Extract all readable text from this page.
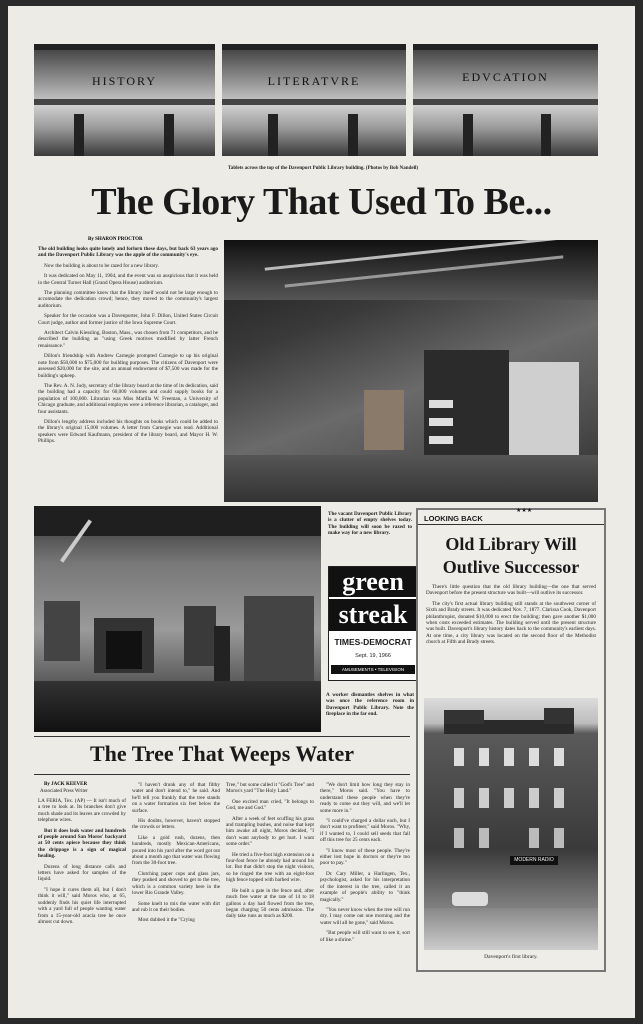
HISTORY	LITERATVRE	EDVCATION
Tablets across the top of the Davenport Public Library building. (Photos by Bob Nandell)
The Glory That Used To Be...
By SHARON PROCTOR

The old building looks quite lonely and forlorn these days, but back 63 years ago and the Davenport Public Library was the apple of the community's eye.

Now the building is about to be razed for a new library.

It was dedicated on May 11, 1904, and the event was so auspicious that it was held in the Central Turner Hall (Grand Opera House) auditorium.

The planning committee knew that the library itself would not be large enough to accomodate the dedication crowd; hence, they moved to the community's largest auditorium.

Speaker for the occasion was a Davenporter, John F. Dillon, United States Circuit Court judge, author and former justice of the Iowa Supreme Court.

Architect Calvin Kiessling, Boston, Mass., was chosen from 71 competitors, and he described the building as "using Greek motives modified by latter French renaissance."

Dillon's friendship with Andrew Carnegie prompted Carnegie to up his original note from $50,000 to $75,000 for building purposes. The citizens of Davenport were assessed $20,000 for the site, and an annual endowment of $7,500 was made for the building's upkeep.

The Rev. A. N. Judy, secretary of the library board at the time of its dedication, said the building had a capacity for 60,000 volumes and could supply books for a population of 100,000. Librarian was Miss Marilla W. Freeman, a University of Chicago graduate, and additional employes were a reference librarian, a cataloger, and four assistants.

Dillon's lengthy address included his thoughts on books which could be added to the library's original 15,000 volumes. A letter from Carnegie was read. Additional speakers were Edward Kaufmann, president of the library board, and Mayor H. W. Phillips.

The vacant Davenport Public Library is a clutter of empty shelves today. The building will soon be razed to make way for a new library.
green
streak
TIMES-DEMOCRAT
Sept. 19, 1966
AMUSEMENTS • TELEVISION
A worker dismantles shelves in what was once the reference room in Davenport Public Library. Note the fireplace in the far end.
LOOKING BACK
★★★
Old Library Will
Outlive Successor

There's little question that the old library building—the one that served Davenport before the present structure was built—will outlive its successor.

The city's first actual library building still stands at the southwest corner of Sixth and Brady streets. It was dedicated Nov. 7, 1877. Clarissa Cook, Davenport philanthropist, donated $10,000 to erect the building; then gave another $1,000 when costs exceeded estimates. The building served until the present structure was built. Davenport's library history dates back to the community's earliest days. At one time, a city library was located on the second floor of the Methodist church at Fifth and Brady streets.

MODERN RADIO
Davenport's first library.
The Tree That Weeps Water
By JACK KEEVER
Associated Press Writer

LA FERIA, Tex. (AP) — It isn't much of a tree to look at. Its branches don't give much shade and its leaves are crowded by telephone wires.

But it does leak water and hundreds of people around San Moros' backyard at 50 cents apiece because they think the drippage is a sign of magical healing.

Dozens of long distance calls and letters have asked for samples of the liquid.

"I hope it cures them all, but I don't think it will," said Moros who, at 65, suddenly finds his quiet life interrupted with a yard full of people wanting water from a 15-year-old acacia tree he once almost cut down.

"I haven't drunk any of that filthy water and don't intend to," he said. And he'll tell you frankly that the tree stands on a water formation six feet below the surface.

His doubts, however, haven't stopped the crowds or letters.

Like a gold rush, dozens, then hundreds, mostly Mexican-Americans, poured into his yard after the word got out about a month ago that water was flowing from the 30-foot tree.

Clutching paper cups and glass jars, they pushed and shoved to get to the tree, which is a common variety here in the lower Rio Grande Valley.

Some knelt to mix the water with dirt and rub it on their bodies.

Most dubbed it the "Crying

Tree," but some called it "God's Tree" and Moros's yard "The Holy Land."

One excited man cried, "It belongs to God, me and God."

After a week of feet scuffing his grass and trampling bushes, and noise that kept him awake all night, Moros decided, "I don't want anybody to get hurt. I want some order."

He tried a five-foot high extension on a four-foot fence he already had around his lot. But that didn't stop the night visitors, so he ringed the tree with an eight-foot high fence topped with barbed wire.

He built a gate in the fence and, after much free water at the rate of 14 to 18 gallons a day had flowed from the tree, began charging 50 cents admission. The daily take runs as much as $200.

"We don't limit how long they stay in there," Moros said. "You have to understand these people when they're ready to come out they will, and we'll let some more in."

"I could've charged a dollar each, but I don't want to profiteer," said Moros. "Why, if I wanted to, I could sell seeds that fall off this tree for 25 cents each.

"I know most of these people. They're either lost hope in doctors or they're too poor to pay."

Dr. Cary Miller, a Harlingen, Tex., psychologist, asked for his interpretation of the interest in the tree, called it an example of people's ability to "think magically."

"You never know when the tree will run dry. I may come out one morning and the water will all be gone," said Moros.

"But people will still want to see it, sort of like a shrine."
